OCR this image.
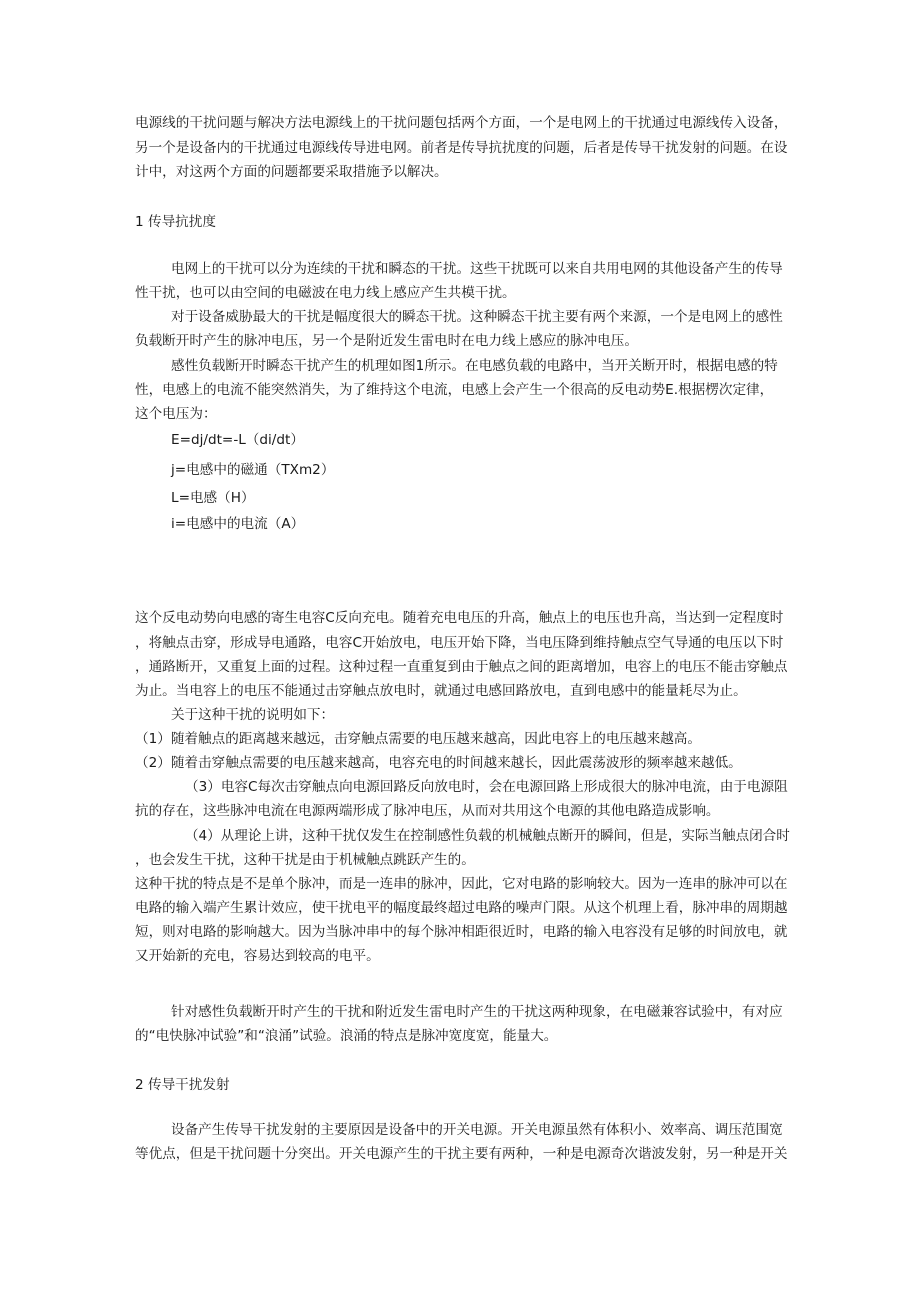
电源线的干扰问题与解决方法电源线上的干扰问题包括两个方面，一个是电网上的干扰通过电源线传入设备，
另一个是设备内的干扰通过电源线传导进电网。前者是传导抗扰度的问题，后者是传导干扰发射的问题。在设
计中，对这两个方面的问题都要采取措施予以解决。
1 传导抗扰度
电网上的干扰可以分为连续的干扰和瞬态的干扰。这些干扰既可以来自共用电网的其他设备产生的传导
性干扰，也可以由空间的电磁波在电力线上感应产生共模干扰。
对于设备威胁最大的干扰是幅度很大的瞬态干扰。这种瞬态干扰主要有两个来源，一个是电网上的感性
负载断开时产生的脉冲电压，另一个是附近发生雷电时在电力线上感应的脉冲电压。
感性负载断开时瞬态干扰产生的机理如图1所示。在电感负载的电路中，当开关断开时，根据电感的特
性，电感上的电流不能突然消失，为了维持这个电流，电感上会产生一个很高的反电动势E.根据楞次定律，
这个电压为：
E=dj/dt=-L（di/dt）
j=电感中的磁通（TXm2）
L=电感（H）
i=电感中的电流（A）
这个反电动势向电感的寄生电容C反向充电。随着充电电压的升高，触点上的电压也升高，当达到一定程度时
，将触点击穿，形成导电通路，电容C开始放电，电压开始下降，当电压降到维持触点空气导通的电压以下时
，通路断开，又重复上面的过程。这种过程一直重复到由于触点之间的距离增加，电容上的电压不能击穿触点
为止。当电容上的电压不能通过击穿触点放电时，就通过电感回路放电，直到电感中的能量耗尽为止。
关于这种干扰的说明如下：
（1）随着触点的距离越来越远，击穿触点需要的电压越来越高，因此电容上的电压越来越高。
（2）随着击穿触点需要的电压越来越高，电容充电的时间越来越长，因此震荡波形的频率越来越低。
（3）电容C每次击穿触点向电源回路反向放电时，会在电源回路上形成很大的脉冲电流，由于电源阻
抗的存在，这些脉冲电流在电源两端形成了脉冲电压，从而对共用这个电源的其他电路造成影响。
（4）从理论上讲，这种干扰仅发生在控制感性负载的机械触点断开的瞬间，但是，实际当触点闭合时
，也会发生干扰，这种干扰是由于机械触点跳跃产生的。
这种干扰的特点是不是单个脉冲，而是一连串的脉冲，因此，它对电路的影响较大。因为一连串的脉冲可以在
电路的输入端产生累计效应，使干扰电平的幅度最终超过电路的噪声门限。从这个机理上看，脉冲串的周期越
短，则对电路的影响越大。因为当脉冲串中的每个脉冲相距很近时，电路的输入电容没有足够的时间放电，就
又开始新的充电，容易达到较高的电平。
针对感性负载断开时产生的干扰和附近发生雷电时产生的干扰这两种现象，在电磁兼容试验中，有对应
的“电快脉冲试验”和“浪涌”试验。浪涌的特点是脉冲宽度宽，能量大。
2 传导干扰发射
设备产生传导干扰发射的主要原因是设备中的开关电源。开关电源虽然有体积小、效率高、调压范围宽
等优点，但是干扰问题十分突出。开关电源产生的干扰主要有两种，一种是电源奇次谐波发射，另一种是开关
